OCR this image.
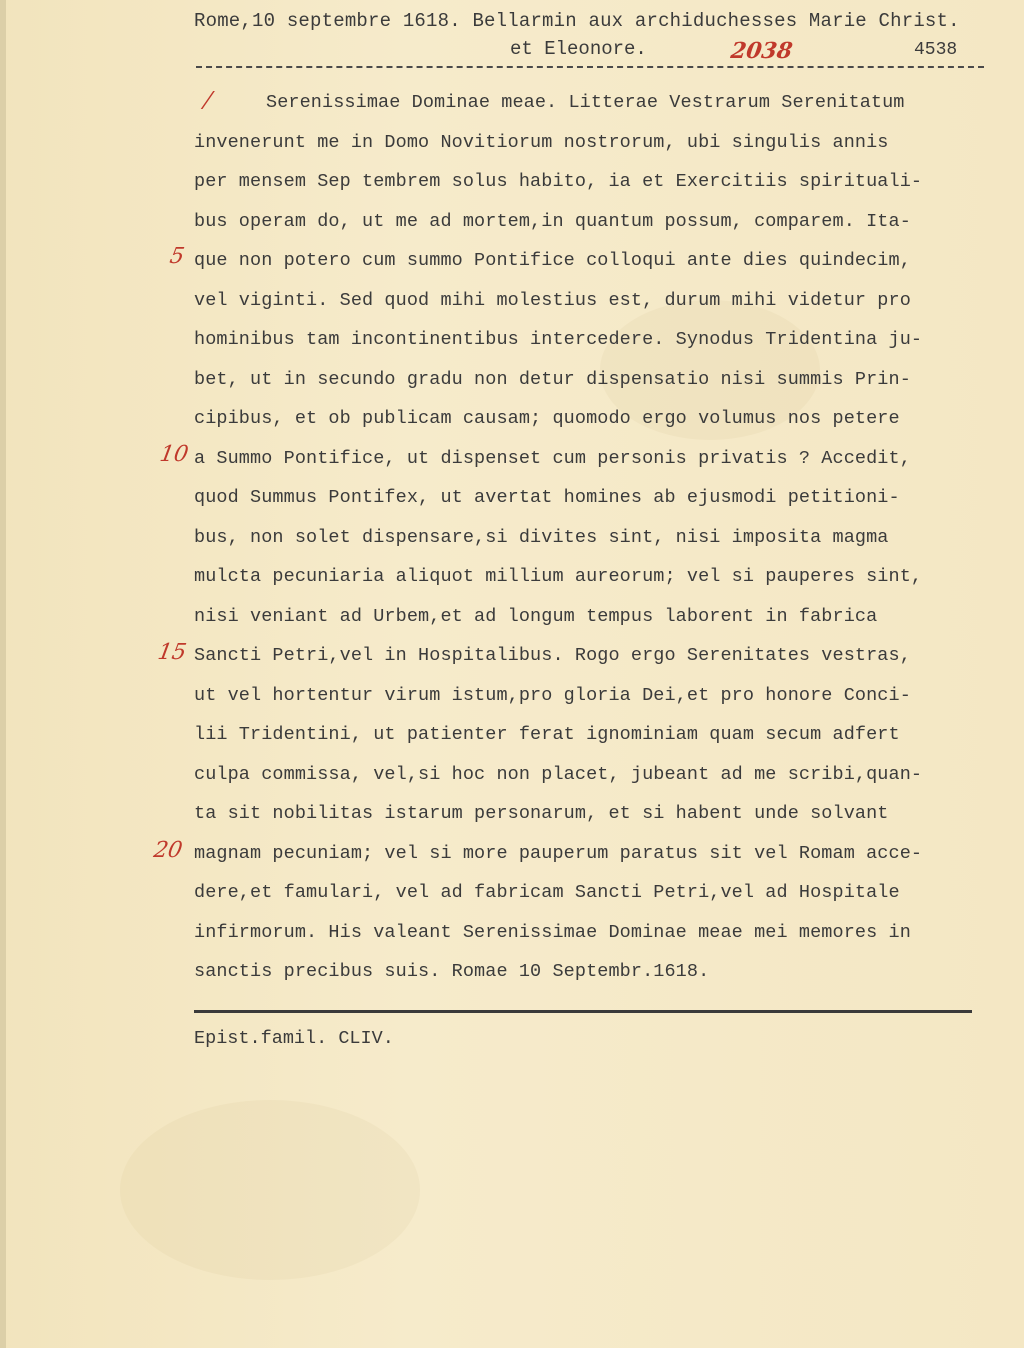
Rome,10 septembre 1618. Bellarmin aux archiduchesses Marie Christ.
et Eleonore.	2038	4538
/
5
10
15
20
Serenissimae Dominae meae. Litterae Vestrarum Serenitatum
invenerunt me in Domo Novitiorum nostrorum, ubi singulis annis
per mensem Sep tembrem solus habito, ia et Exercitiis spirituali-
bus operam do, ut me ad mortem,in quantum possum, comparem. Ita-
que non potero cum summo Pontifice colloqui ante dies quindecim,
vel viginti. Sed quod mihi molestius est, durum mihi videtur pro
hominibus tam incontinentibus intercedere. Synodus Tridentina ju-
bet, ut in secundo gradu non detur dispensatio nisi summis Prin-
cipibus, et ob publicam causam; quomodo ergo volumus nos petere
a Summo Pontifice, ut dispenset cum personis privatis ? Accedit,
quod Summus Pontifex, ut avertat homines ab ejusmodi petitioni-
bus, non solet dispensare,si divites sint, nisi imposita magma
mulcta pecuniaria aliquot millium aureorum; vel si pauperes sint,
nisi veniant ad Urbem,et ad longum tempus laborent in fabrica
Sancti Petri,vel in Hospitalibus. Rogo ergo Serenitates vestras,
ut vel hortentur virum istum,pro gloria Dei,et pro honore Conci-
lii Tridentini, ut patienter ferat ignominiam quam secum adfert
culpa commissa, vel,si hoc non placet, jubeant ad me scribi,quan-
ta sit nobilitas istarum personarum, et si habent unde solvant
magnam pecuniam; vel si more pauperum paratus sit vel Romam acce-
dere,et famulari, vel ad fabricam Sancti Petri,vel ad Hospitale
infirmorum. His valeant Serenissimae Dominae meae mei memores in
sanctis precibus suis. Romae 10 Septembr.1618.
Epist.famil. CLIV.
